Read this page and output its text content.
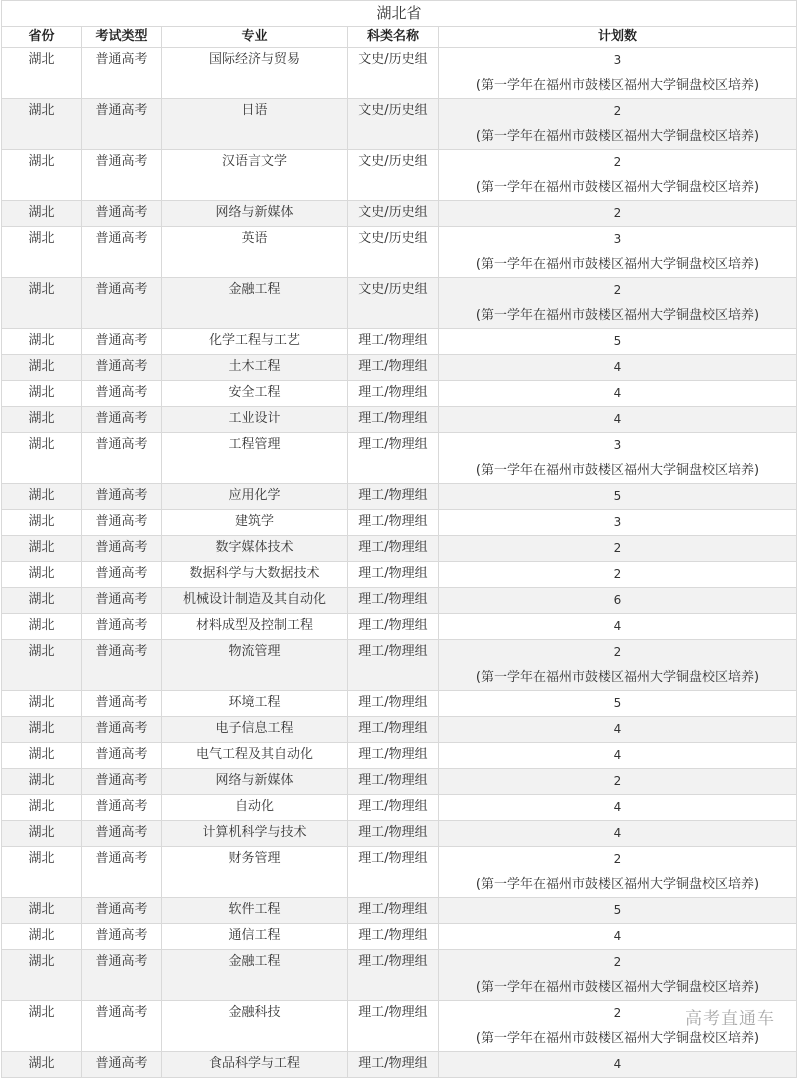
湖北省				
省份	考试类型	专业	科类名称	计划数
湖北	普通高考	国际经济与贸易	文史/历史组	3
(第一学年在福州市鼓楼区福州大学铜盘校区培养)

湖北	普通高考	日语	文史/历史组	2
(第一学年在福州市鼓楼区福州大学铜盘校区培养)

湖北	普通高考	汉语言文学	文史/历史组	2
(第一学年在福州市鼓楼区福州大学铜盘校区培养)

湖北	普通高考	网络与新媒体	文史/历史组	2
湖北	普通高考	英语	文史/历史组	3
(第一学年在福州市鼓楼区福州大学铜盘校区培养)

湖北	普通高考	金融工程	文史/历史组	2
(第一学年在福州市鼓楼区福州大学铜盘校区培养)

湖北	普通高考	化学工程与工艺	理工/物理组	5
湖北	普通高考	土木工程	理工/物理组	4
湖北	普通高考	安全工程	理工/物理组	4
湖北	普通高考	工业设计	理工/物理组	4
湖北	普通高考	工程管理	理工/物理组	3
(第一学年在福州市鼓楼区福州大学铜盘校区培养)

湖北	普通高考	应用化学	理工/物理组	5
湖北	普通高考	建筑学	理工/物理组	3
湖北	普通高考	数字媒体技术	理工/物理组	2
湖北	普通高考	数据科学与大数据技术	理工/物理组	2
湖北	普通高考	机械设计制造及其自动化	理工/物理组	6
湖北	普通高考	材料成型及控制工程	理工/物理组	4
湖北	普通高考	物流管理	理工/物理组	2
(第一学年在福州市鼓楼区福州大学铜盘校区培养)

湖北	普通高考	环境工程	理工/物理组	5
湖北	普通高考	电子信息工程	理工/物理组	4
湖北	普通高考	电气工程及其自动化	理工/物理组	4
湖北	普通高考	网络与新媒体	理工/物理组	2
湖北	普通高考	自动化	理工/物理组	4
湖北	普通高考	计算机科学与技术	理工/物理组	4
湖北	普通高考	财务管理	理工/物理组	2
(第一学年在福州市鼓楼区福州大学铜盘校区培养)

湖北	普通高考	软件工程	理工/物理组	5
湖北	普通高考	通信工程	理工/物理组	4
湖北	普通高考	金融工程	理工/物理组	2
(第一学年在福州市鼓楼区福州大学铜盘校区培养)

湖北	普通高考	金融科技	理工/物理组	2
(第一学年在福州市鼓楼区福州大学铜盘校区培养)

湖北	普通高考	食品科学与工程	理工/物理组	4
高考直通车
